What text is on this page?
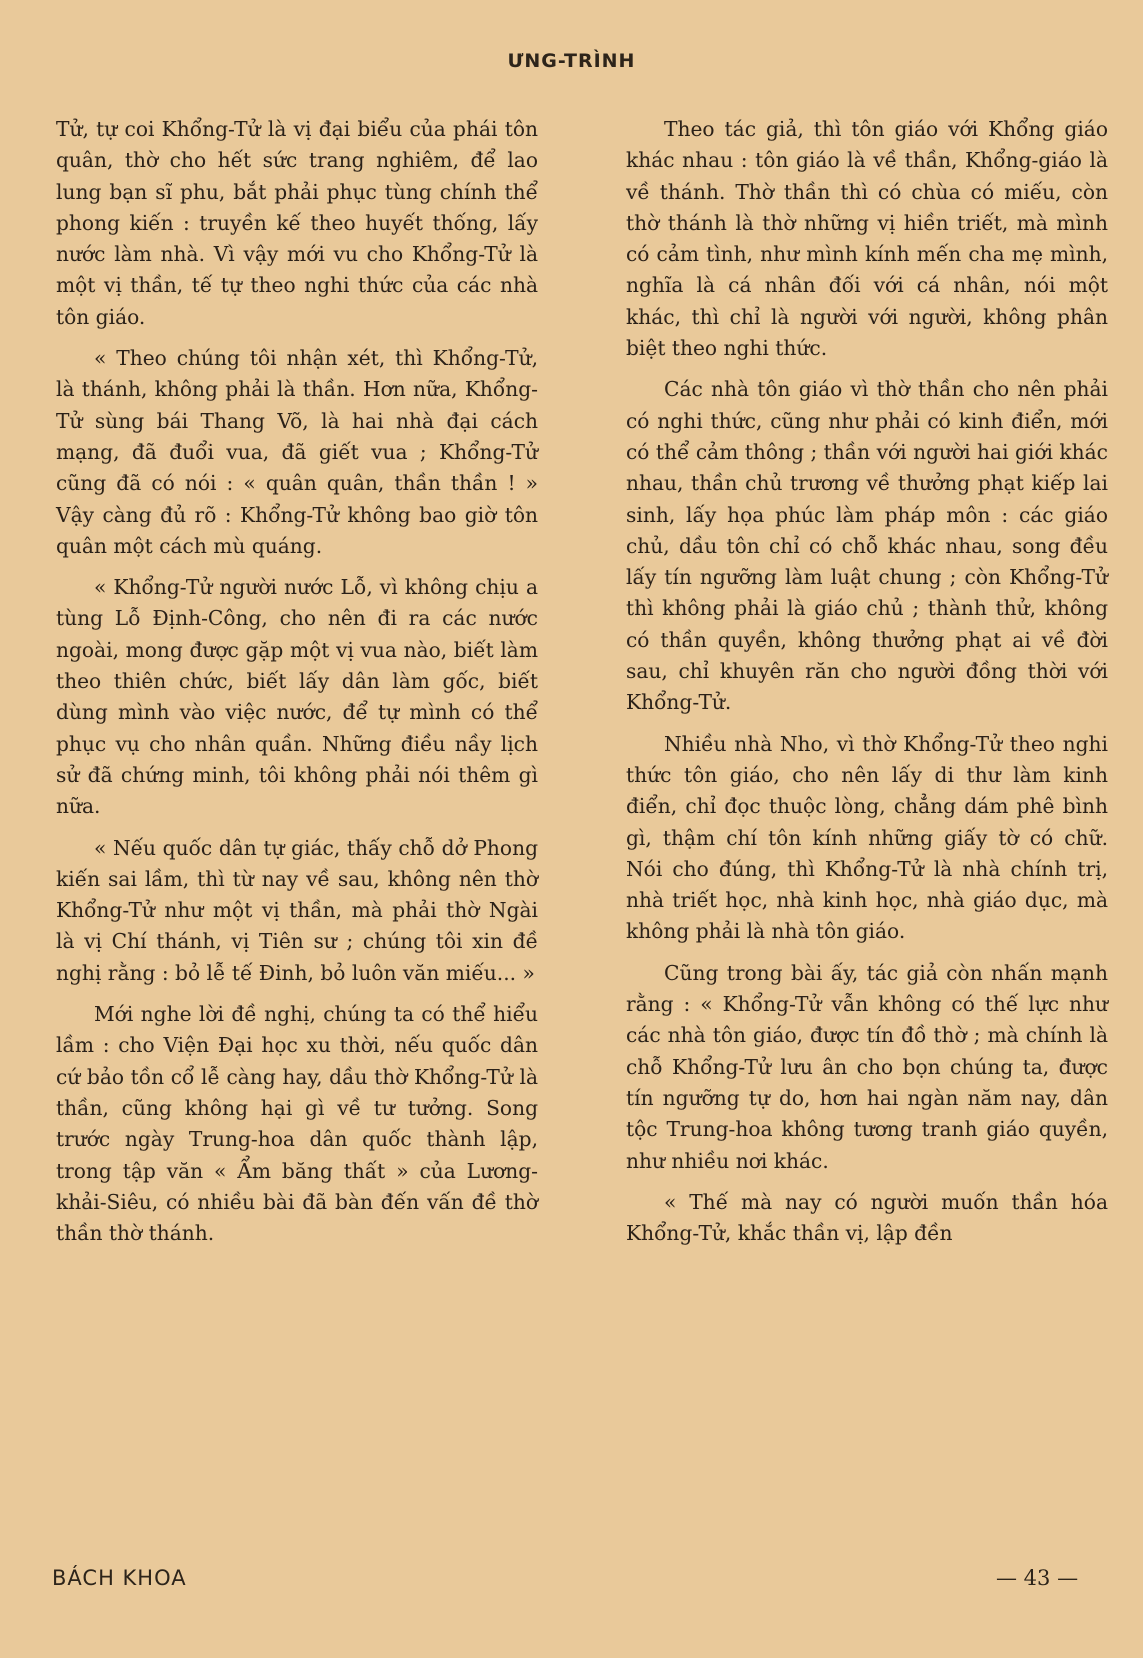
ƯNG-TRÌNH

Tử, tự coi Khổng-Tử là vị đại biểu của phái tôn quân, thờ cho hết sức trang nghiêm, để lao lung bạn sĩ phu, bắt phải phục tùng chính thể phong kiến : truyền kế theo huyết thống, lấy nước làm nhà. Vì vậy mới vu cho Khổng-Tử là một vị thần, tế tự theo nghi thức của các nhà tôn giáo.

« Theo chúng tôi nhận xét, thì Khổng-Tử, là thánh, không phải là thần. Hơn nữa, Khổng-Tử sùng bái Thang Võ, là hai nhà đại cách mạng, đã đuổi vua, đã giết vua ; Khổng-Tử cũng đã có nói : « quân quân, thần thần ! » Vậy càng đủ rõ : Khổng-Tử không bao giờ tôn quân một cách mù quáng.

« Khổng-Tử người nước Lỗ, vì không chịu a tùng Lỗ Định-Công, cho nên đi ra các nước ngoài, mong được gặp một vị vua nào, biết làm theo thiên chức, biết lấy dân làm gốc, biết dùng mình vào việc nước, để tự mình có thể phục vụ cho nhân quần. Những điều nầy lịch sử đã chứng minh, tôi không phải nói thêm gì nữa.

« Nếu quốc dân tự giác, thấy chỗ dở Phong kiến sai lầm, thì từ nay về sau, không nên thờ Khổng-Tử như một vị thần, mà phải thờ Ngài là vị Chí thánh, vị Tiên sư ; chúng tôi xin đề nghị rằng : bỏ lễ tế Đinh, bỏ luôn văn miếu... »

Mới nghe lời đề nghị, chúng ta có thể hiểu lầm : cho Viện Đại học xu thời, nếu quốc dân cứ bảo tồn cổ lễ càng hay, dầu thờ Khổng-Tử là thần, cũng không hại gì về tư tưởng. Song trước ngày Trung-hoa dân quốc thành lập, trong tập văn « Ẩm băng thất » của Lương-khải-Siêu, có nhiều bài đã bàn đến vấn đề thờ thần thờ thánh.

Theo tác giả, thì tôn giáo với Khổng giáo khác nhau : tôn giáo là về thần, Khổng-giáo là về thánh. Thờ thần thì có chùa có miếu, còn thờ thánh là thờ những vị hiền triết, mà mình có cảm tình, như mình kính mến cha mẹ mình, nghĩa là cá nhân đối với cá nhân, nói một khác, thì chỉ là người với người, không phân biệt theo nghi thức.

Các nhà tôn giáo vì thờ thần cho nên phải có nghi thức, cũng như phải có kinh điển, mới có thể cảm thông ; thần với người hai giới khác nhau, thần chủ trương về thưởng phạt kiếp lai sinh, lấy họa phúc làm pháp môn : các giáo chủ, dầu tôn chỉ có chỗ khác nhau, song đều lấy tín ngưỡng làm luật chung ; còn Khổng-Tử thì không phải là giáo chủ ; thành thử, không có thần quyền, không thưởng phạt ai về đời sau, chỉ khuyên răn cho người đồng thời với Khổng-Tử.

Nhiều nhà Nho, vì thờ Khổng-Tử theo nghi thức tôn giáo, cho nên lấy di thư làm kinh điển, chỉ đọc thuộc lòng, chẳng dám phê bình gì, thậm chí tôn kính những giấy tờ có chữ. Nói cho đúng, thì Khổng-Tử là nhà chính trị, nhà triết học, nhà kinh học, nhà giáo dục, mà không phải là nhà tôn giáo.

Cũng trong bài ấy, tác giả còn nhấn mạnh rằng : « Khổng-Tử vẫn không có thế lực như các nhà tôn giáo, được tín đồ thờ ; mà chính là chỗ Khổng-Tử lưu ân cho bọn chúng ta, được tín ngưỡng tự do, hơn hai ngàn năm nay, dân tộc Trung-hoa không tương tranh giáo quyền, như nhiều nơi khác.

« Thế mà nay có người muốn thần hóa Khổng-Tử, khắc thần vị, lập đền

BÁCH KHOA	— 43 —
